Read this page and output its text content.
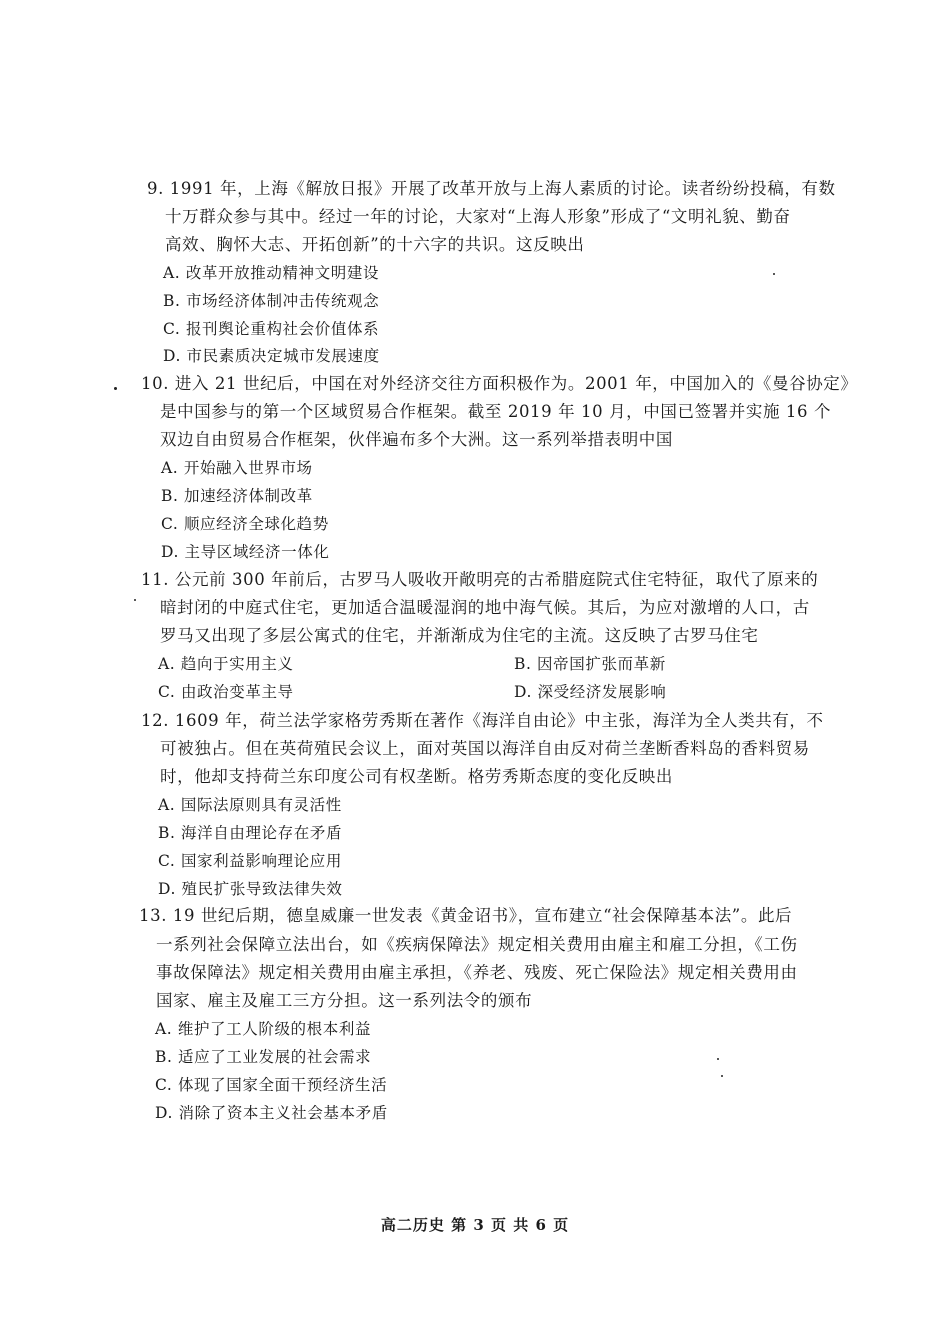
9. 1991 年，上海《解放日报》开展了改革开放与上海人素质的讨论。读者纷纷投稿，有数
十万群众参与其中。经过一年的讨论，大家对“上海人形象”形成了“文明礼貌、勤奋
高效、胸怀大志、开拓创新”的十六字的共识。这反映出
A. 改革开放推动精神文明建设
B. 市场经济体制冲击传统观念
C. 报刊舆论重构社会价值体系
D. 市民素质决定城市发展速度
10. 进入 21 世纪后，中国在对外经济交往方面积极作为。2001 年，中国加入的《曼谷协定》
是中国参与的第一个区域贸易合作框架。截至 2019 年 10 月，中国已签署并实施 16 个
双边自由贸易合作框架，伙伴遍布多个大洲。这一系列举措表明中国
A. 开始融入世界市场
B. 加速经济体制改革
C. 顺应经济全球化趋势
D. 主导区域经济一体化
11. 公元前 300 年前后，古罗马人吸收开敞明亮的古希腊庭院式住宅特征，取代了原来的
暗封闭的中庭式住宅，更加适合温暖湿润的地中海气候。其后，为应对激增的人口，古
罗马又出现了多层公寓式的住宅，并渐渐成为住宅的主流。这反映了古罗马住宅
A. 趋向于实用主义	B. 因帝国扩张而革新
C. 由政治变革主导	D. 深受经济发展影响
12. 1609 年，荷兰法学家格劳秀斯在著作《海洋自由论》中主张，海洋为全人类共有，不
可被独占。但在英荷殖民会议上，面对英国以海洋自由反对荷兰垄断香料岛的香料贸易
时，他却支持荷兰东印度公司有权垄断。格劳秀斯态度的变化反映出
A. 国际法原则具有灵活性
B. 海洋自由理论存在矛盾
C. 国家利益影响理论应用
D. 殖民扩张导致法律失效
13. 19 世纪后期，德皇威廉一世发表《黄金诏书》，宣布建立“社会保障基本法”。此后
一系列社会保障立法出台，如《疾病保障法》规定相关费用由雇主和雇工分担，《工伤
事故保障法》规定相关费用由雇主承担，《养老、残废、死亡保险法》规定相关费用由
国家、雇主及雇工三方分担。这一系列法令的颁布
A. 维护了工人阶级的根本利益
B. 适应了工业发展的社会需求
C. 体现了国家全面干预经济生活
D. 消除了资本主义社会基本矛盾
高二历史 第 3 页 共 6 页
